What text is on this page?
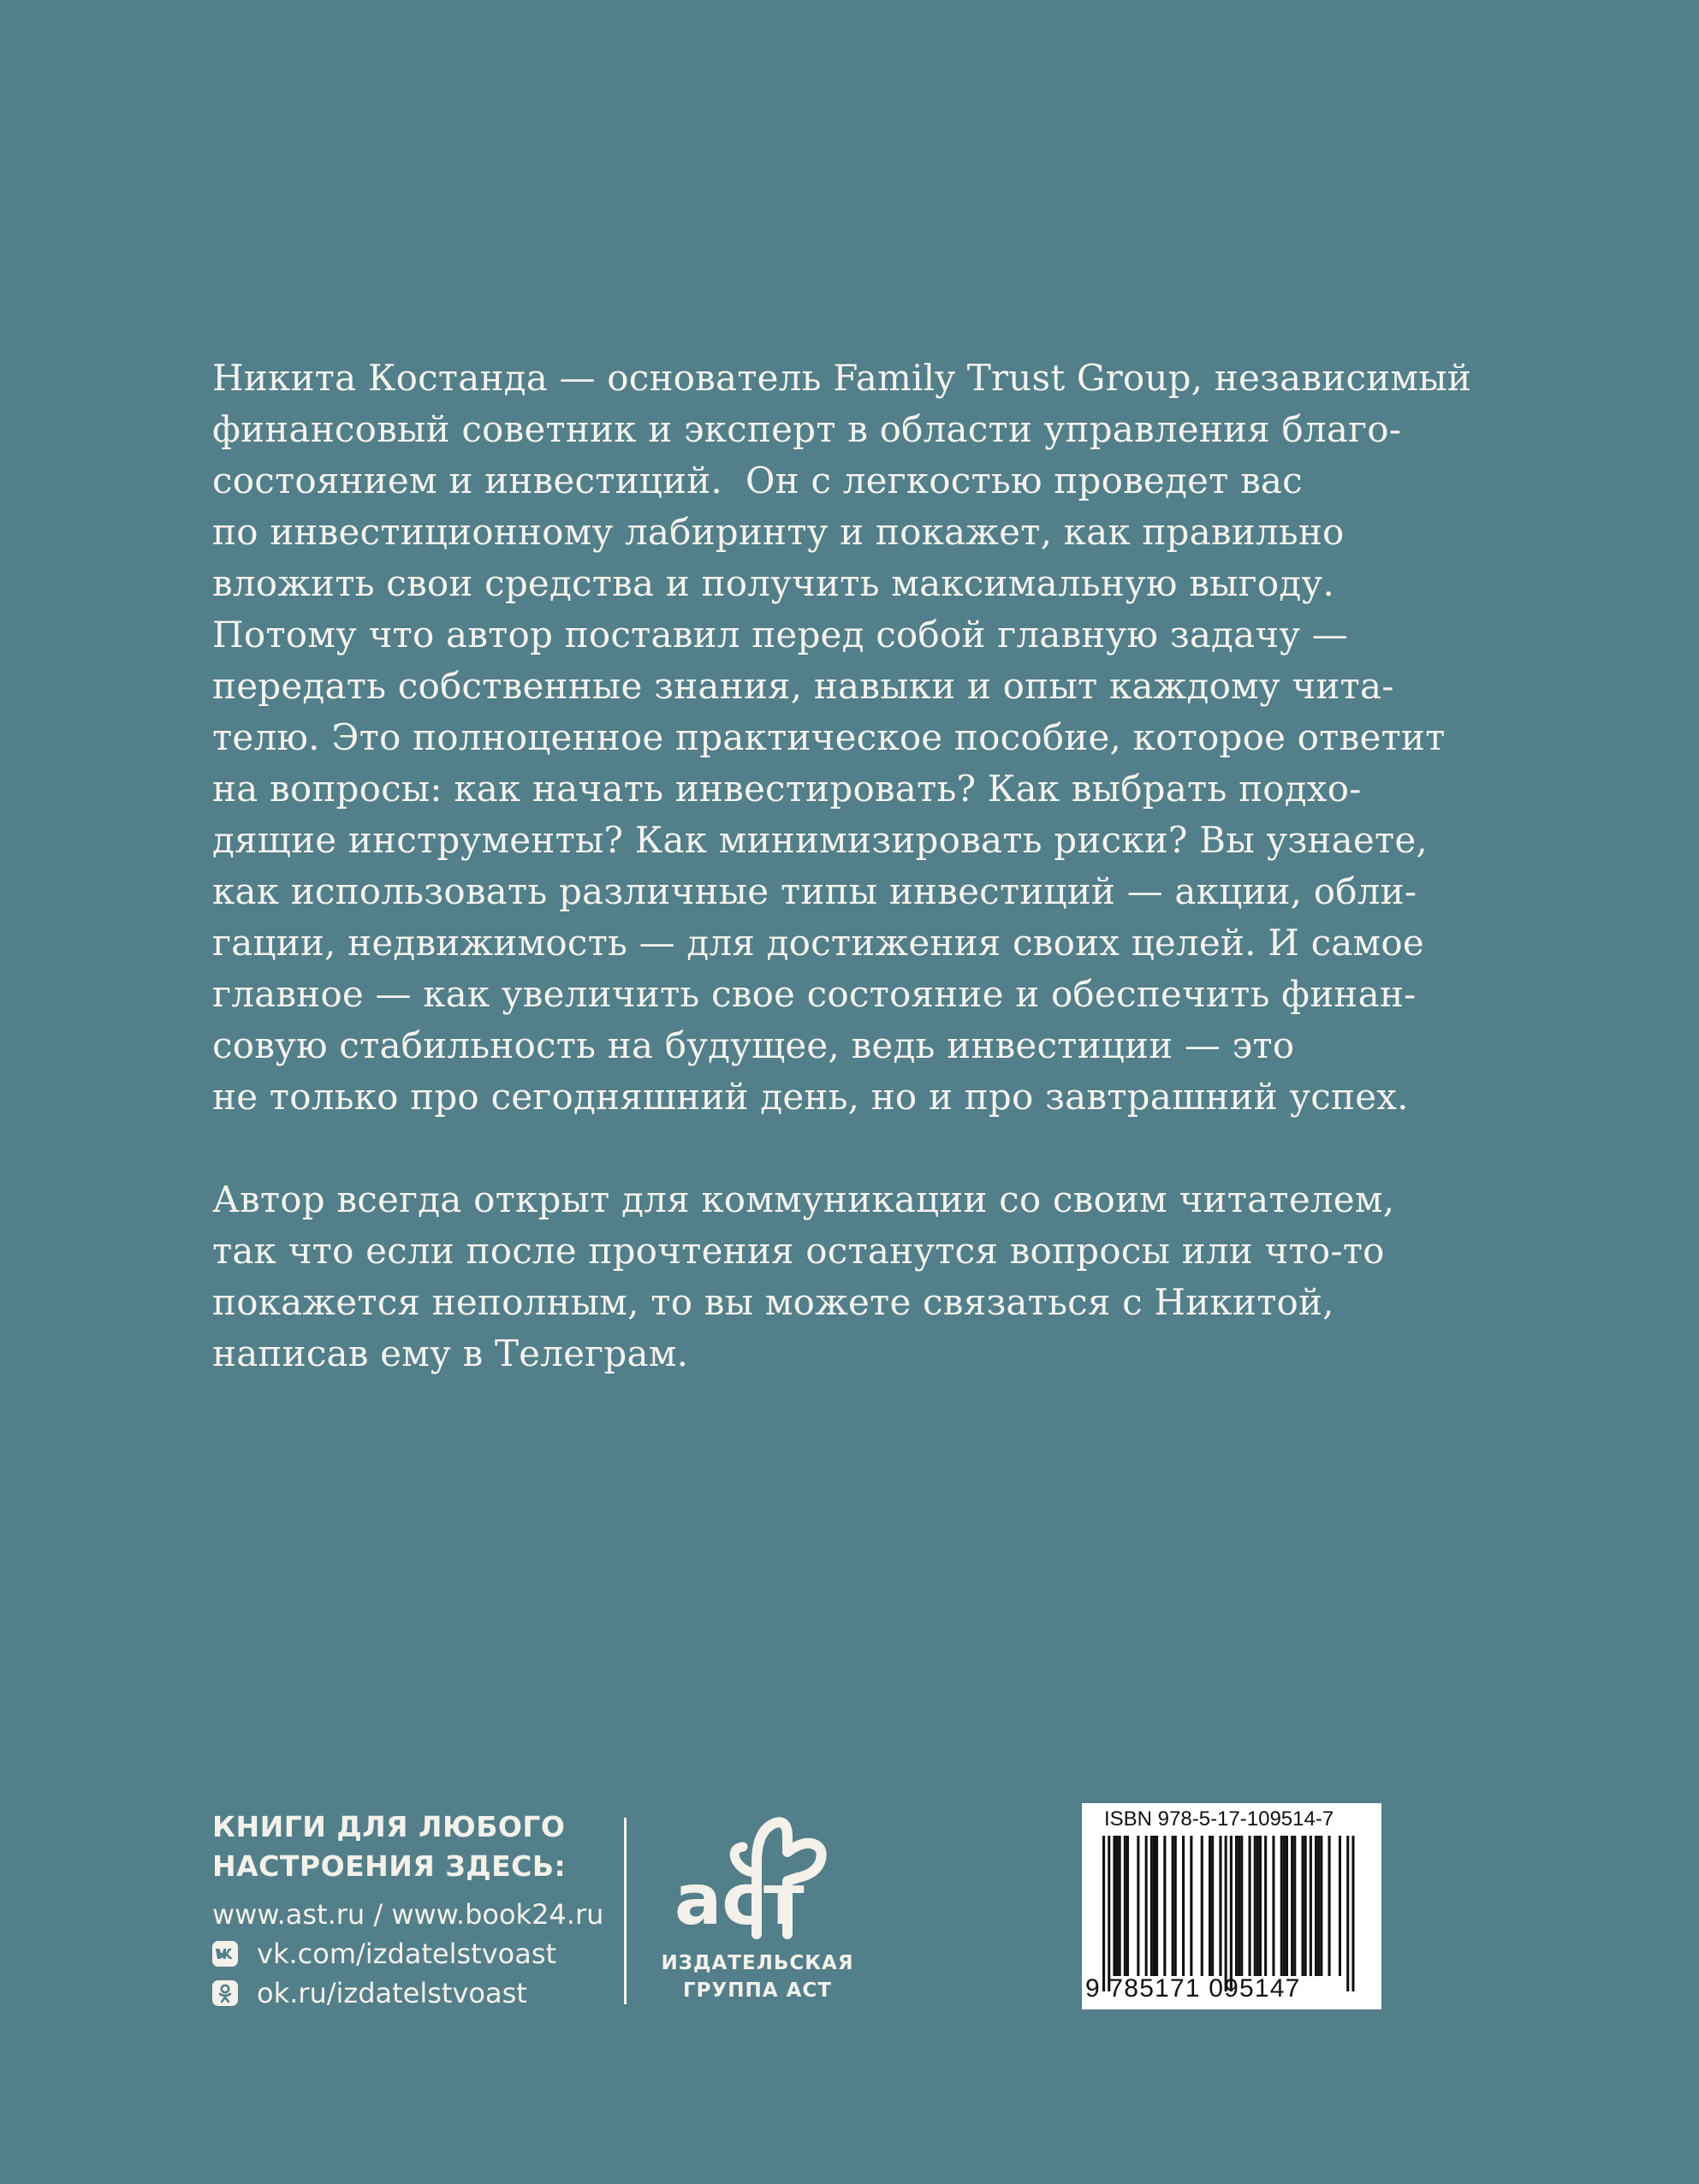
Никита Костанда — основатель Family Trust Group, независимый
финансовый советник и эксперт в области управления благо-
состоянием и инвестиций.  Он с легкостью проведет вас
по инвестиционному лабиринту и покажет, как правильно
вложить свои средства и получить максимальную выгоду.
Потому что автор поставил перед собой главную задачу —
передать собственные знания, навыки и опыт каждому чита-
телю. Это полноценное практическое пособие, которое ответит
на вопросы: как начать инвестировать? Как выбрать подхо-
дящие инструменты? Как минимизировать риски? Вы узнаете,
как использовать различные типы инвестиций — акции, обли-
гации, недвижимость — для достижения своих целей. И самое
главное — как увеличить свое состояние и обеспечить финан-
совую стабильность на будущее, ведь инвестиции — это
не только про сегодняшний день, но и про завтрашний успех.

Автор всегда открыт для коммуникации со своим читателем,
так что если после прочтения останутся вопросы или что-то
покажется неполным, то вы можете связаться с Никитой,
написав ему в Телеграм.

КНИГИ ДЛЯ ЛЮБОГО
НАСТРОЕНИЯ ЗДЕСЬ:

www.ast.ru / www.book24.ru
vk.com/izdatelstvoast
ok.ru/izdatelstvoast
аст
ИЗДАТЕЛЬСКАЯ
ГРУППА АСТ
ISBN 978-5-17-109514-7
9 785171 095147
